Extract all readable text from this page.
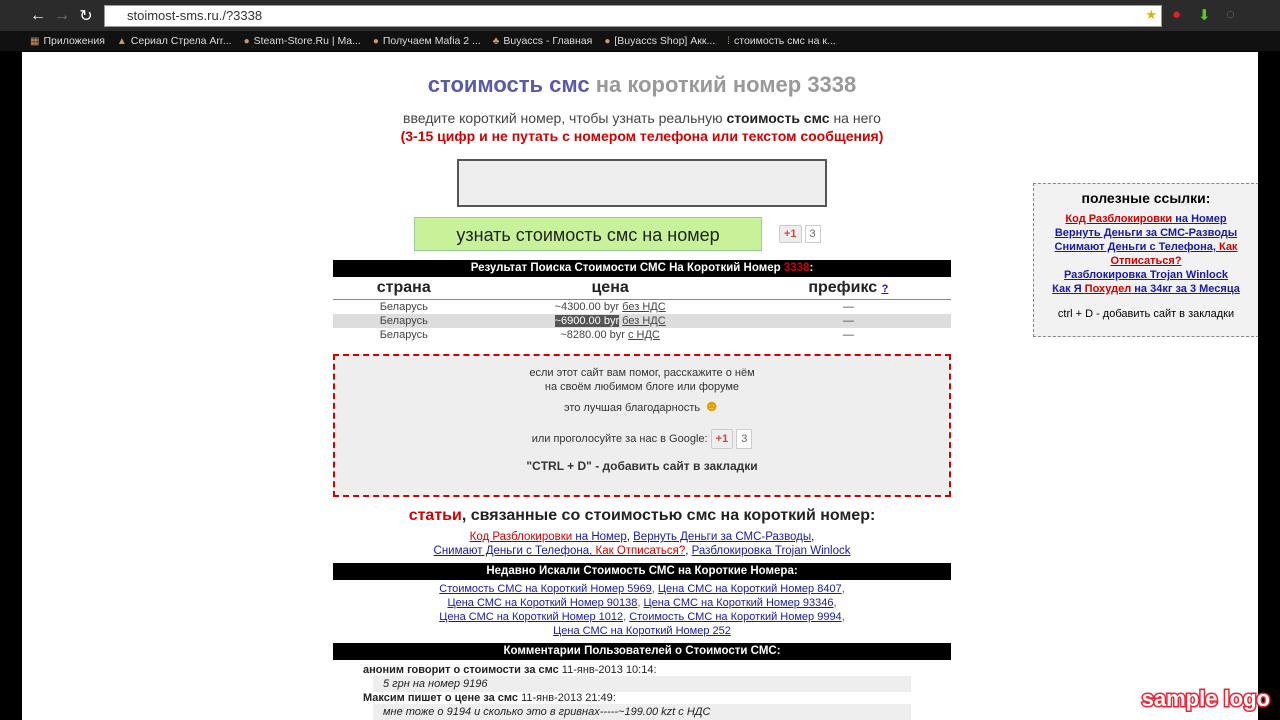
← → ↻	stoimost-sms.ru./?3338	★ ● ⬇ ◌
▦ Приложения ▲ Сериал Стрела Arr... ● Steam-Store.Ru | Ma... ● Получаем Mafia 2 ... ♣ Buyaccs - Главная ● [Buyaccs Shop] Акк... ⁞ стоимость смс на к...
стоимость смс на короткий номер 3338
введите короткий номер, чтобы узнать реальную стоимость смс на него
(3-15 цифр и не путать с номером телефона или текстом сообщения)
узнать стоимость смс на номер	+1	3
Результат Поиска Стоимости СМС На Короткий Номер 3338:
страна	цена	префикс ?
Беларусь	~4300.00 byr без НДС	—
Беларусь	~6900.00 byr без НДС	—
Беларусь	~8280.00 byr с НДС	—
если этот сайт вам помог, расскажите о нём
на своём любимом блоге или форуме
это лучшая благодарность ☻
или проголосуйте за нас в Google: +1	3
"CTRL + D" - добавить сайт в закладки
статьи, связанные со стоимостью смс на короткий номер:
Код Разблокировки на Номер, Вернуть Деньги за СМС-Разводы,
Снимают Деньги с Телефона, Как Отписаться?, Разблокировка Trojan Winlock
Недавно Искали Стоимость СМС на Короткие Номера:
Стоимость СМС на Короткий Номер 5969, Цена СМС на Короткий Номер 8407,
Цена СМС на Короткий Номер 90138, Цена СМС на Короткий Номер 93346,
Цена СМС на Короткий Номер 1012, Стоимость СМС на Короткий Номер 9994,
Цена СМС на Короткий Номер 252
Комментарии Пользователей о Стоимости СМС:
аноним говорит о стоимости за смс 11-янв-2013 10:14:
5 грн на номер 9196
Максим пишет о цене за смс 11-янв-2013 21:49:
мне тоже о 9194 и сколько это в гривнах-----~199.00 kzt с НДС
полезные ссылки:
Код Разблокировки на Номер
Вернуть Деньги за СМС-Разводы
Снимают Деньги с Телефона, Как Отписаться?
Разблокировка Trojan Winlock
Как Я Похудел на 34кг за 3 Месяца
ctrl + D - добавить сайт в закладки
sample logo
